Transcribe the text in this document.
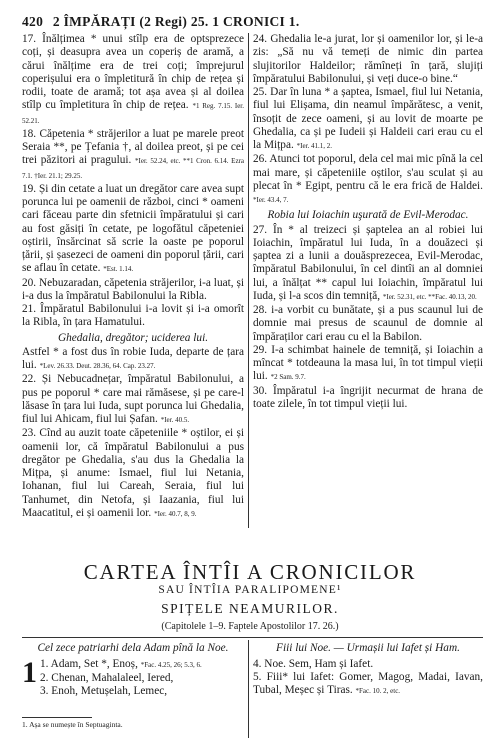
420 2 ÎMPĂRAȚI (2 Regi) 25. 1 CRONICI 1.
17. Înălțimea * unui stîlp era de optsprezece coți, și deasupra avea un coperiș de aramă, a cărui înălțime era de trei coți; împrejurul coperișului era o împletitură în chip de rețea și rodii, toate de aramă; tot așa avea și al doilea stîlp cu împletitura în chip de rețea. *1 Reg. 7.15. Ier. 52.21.
18. Căpetenia * străjerilor a luat pe marele preot Seraia **, pe Țefania †, al doilea preot, și pe cei trei păzitori ai pragului. *Ier. 52.24, etc. **1 Cron. 6.14. Ezra 7.1. †Ier. 21.1; 29.25.
19. Și din cetate a luat un dregător care avea supt porunca lui pe oamenii de război, cinci * oameni cari făceau parte din sfetnicii împăratului și cari au fost găsiți în cetate, pe logofătul căpeteniei oștirii, însărcinat să scrie la oaste pe poporul țării, și șasezeci de oameni din poporul țării, cari se aflau în cetate. *Est. 1.14.
20. Nebuzaradan, căpetenia străjerilor, i-a luat, și i-a dus la împăratul Babilonului la Ribla.
21. Împăratul Babilonului i-a lovit și i-a omorît la Ribla, în țara Hamatului.
Ghedalia, dregător; uciderea lui.
Astfel * a fost dus în robie Iuda, departe de țara lui. *Lev. 26.33. Deut. 28.36, 64. Cap. 23.27.
22. Și Nebucadnețar, împăratul Babilonului, a pus pe poporul * care mai rămăsese, și pe care-l lăsase în țara lui Iuda, supt porunca lui Ghedalia, fiul lui Ahicam, fiul lui Șafan. *Ier. 40.5.
23. Cînd au auzit toate căpeteniile * oștilor, ei și oamenii lor, că împăratul Babilonului a pus dregător pe Ghedalia, s'au dus la Ghedalia la Mițpa, și anume: Ismael, fiul lui Netania, Iohanan, fiul lui Careah, Seraia, fiul lui Tanhumet, din Netofa, și Iaazania, fiul lui Maacatitul, ei și oamenii lor. *Ier. 40.7, 8, 9.
24. Ghedalia le-a jurat, lor și oamenilor lor, și le-a zis: „Să nu vă temeți de nimic din partea slujitorilor Haldeilor; rămîneți în țară, slujiți împăratului Babilonului, și veți duce-o bine.“
25. Dar în luna * a șaptea, Ismael, fiul lui Netania, fiul lui Elișama, din neamul împărătesc, a venit, însoțit de zece oameni, și au lovit de moarte pe Ghedalia, ca și pe Iudeii și Haldeii cari erau cu el la Mițpa. *Ier. 41.1, 2.
26. Atunci tot poporul, dela cel mai mic pînă la cel mai mare, și căpeteniile oștilor, s'au sculat și au plecat în * Egipt, pentru că le era frică de Haldei. *Ier. 43.4, 7.
Robia lui Ioiachin uşurată de Evil-Merodac.
27. În * al treizeci și șaptelea an al robiei lui Ioiachin, împăratul lui Iuda, în a douăzeci și șaptea zi a lunii a douăsprezecea, Evil-Merodac, împăratul Babilonului, în cel dintîi an al domniei lui, a înălțat ** capul lui Ioiachin, împăratul lui Iuda, și l-a scos din temniță, *Ier. 52.31, etc. **Fac. 40.13, 20.
28. i-a vorbit cu bunătate, și a pus scaunul lui de domnie mai presus de scaunul de domnie al împăraților cari erau cu el la Babilon.
29. I-a schimbat hainele de temniță, și Ioiachin a mîncat * totdeauna la masa lui, în tot timpul vieții lui. *2 Sam. 9.7.
30. Împăratul i-a îngrijit necurmat de hrana de toate zilele, în tot timpul vieții lui.
CARTEA ÎNTÎI A CRONICILOR
SAU ÎNTÎIA PARALIPOMENE¹
SPIȚELE NEAMURILOR.
(Capitolele 1–9. Faptele Apostolilor 17. 26.)
Cel zece patriarhi dela Adam pînă la Noe.
1 1. Adam, Set *, Enoș, *Fac. 4.25, 26; 5.3, 6.
2. Chenan, Mahalaleel, Iered,
3. Enoh, Metușelah, Lemec,
Fiii lui Noe. — Urmașii lui Iafet și Ham.
4. Noe. Sem, Ham și Iafet.
5. Fiii* lui Iafet: Gomer, Magog, Madai, Iavan, Tubal, Meșec și Tiras. *Fac. 10. 2, etc.
1. Așa se numește în Septuaginta.
